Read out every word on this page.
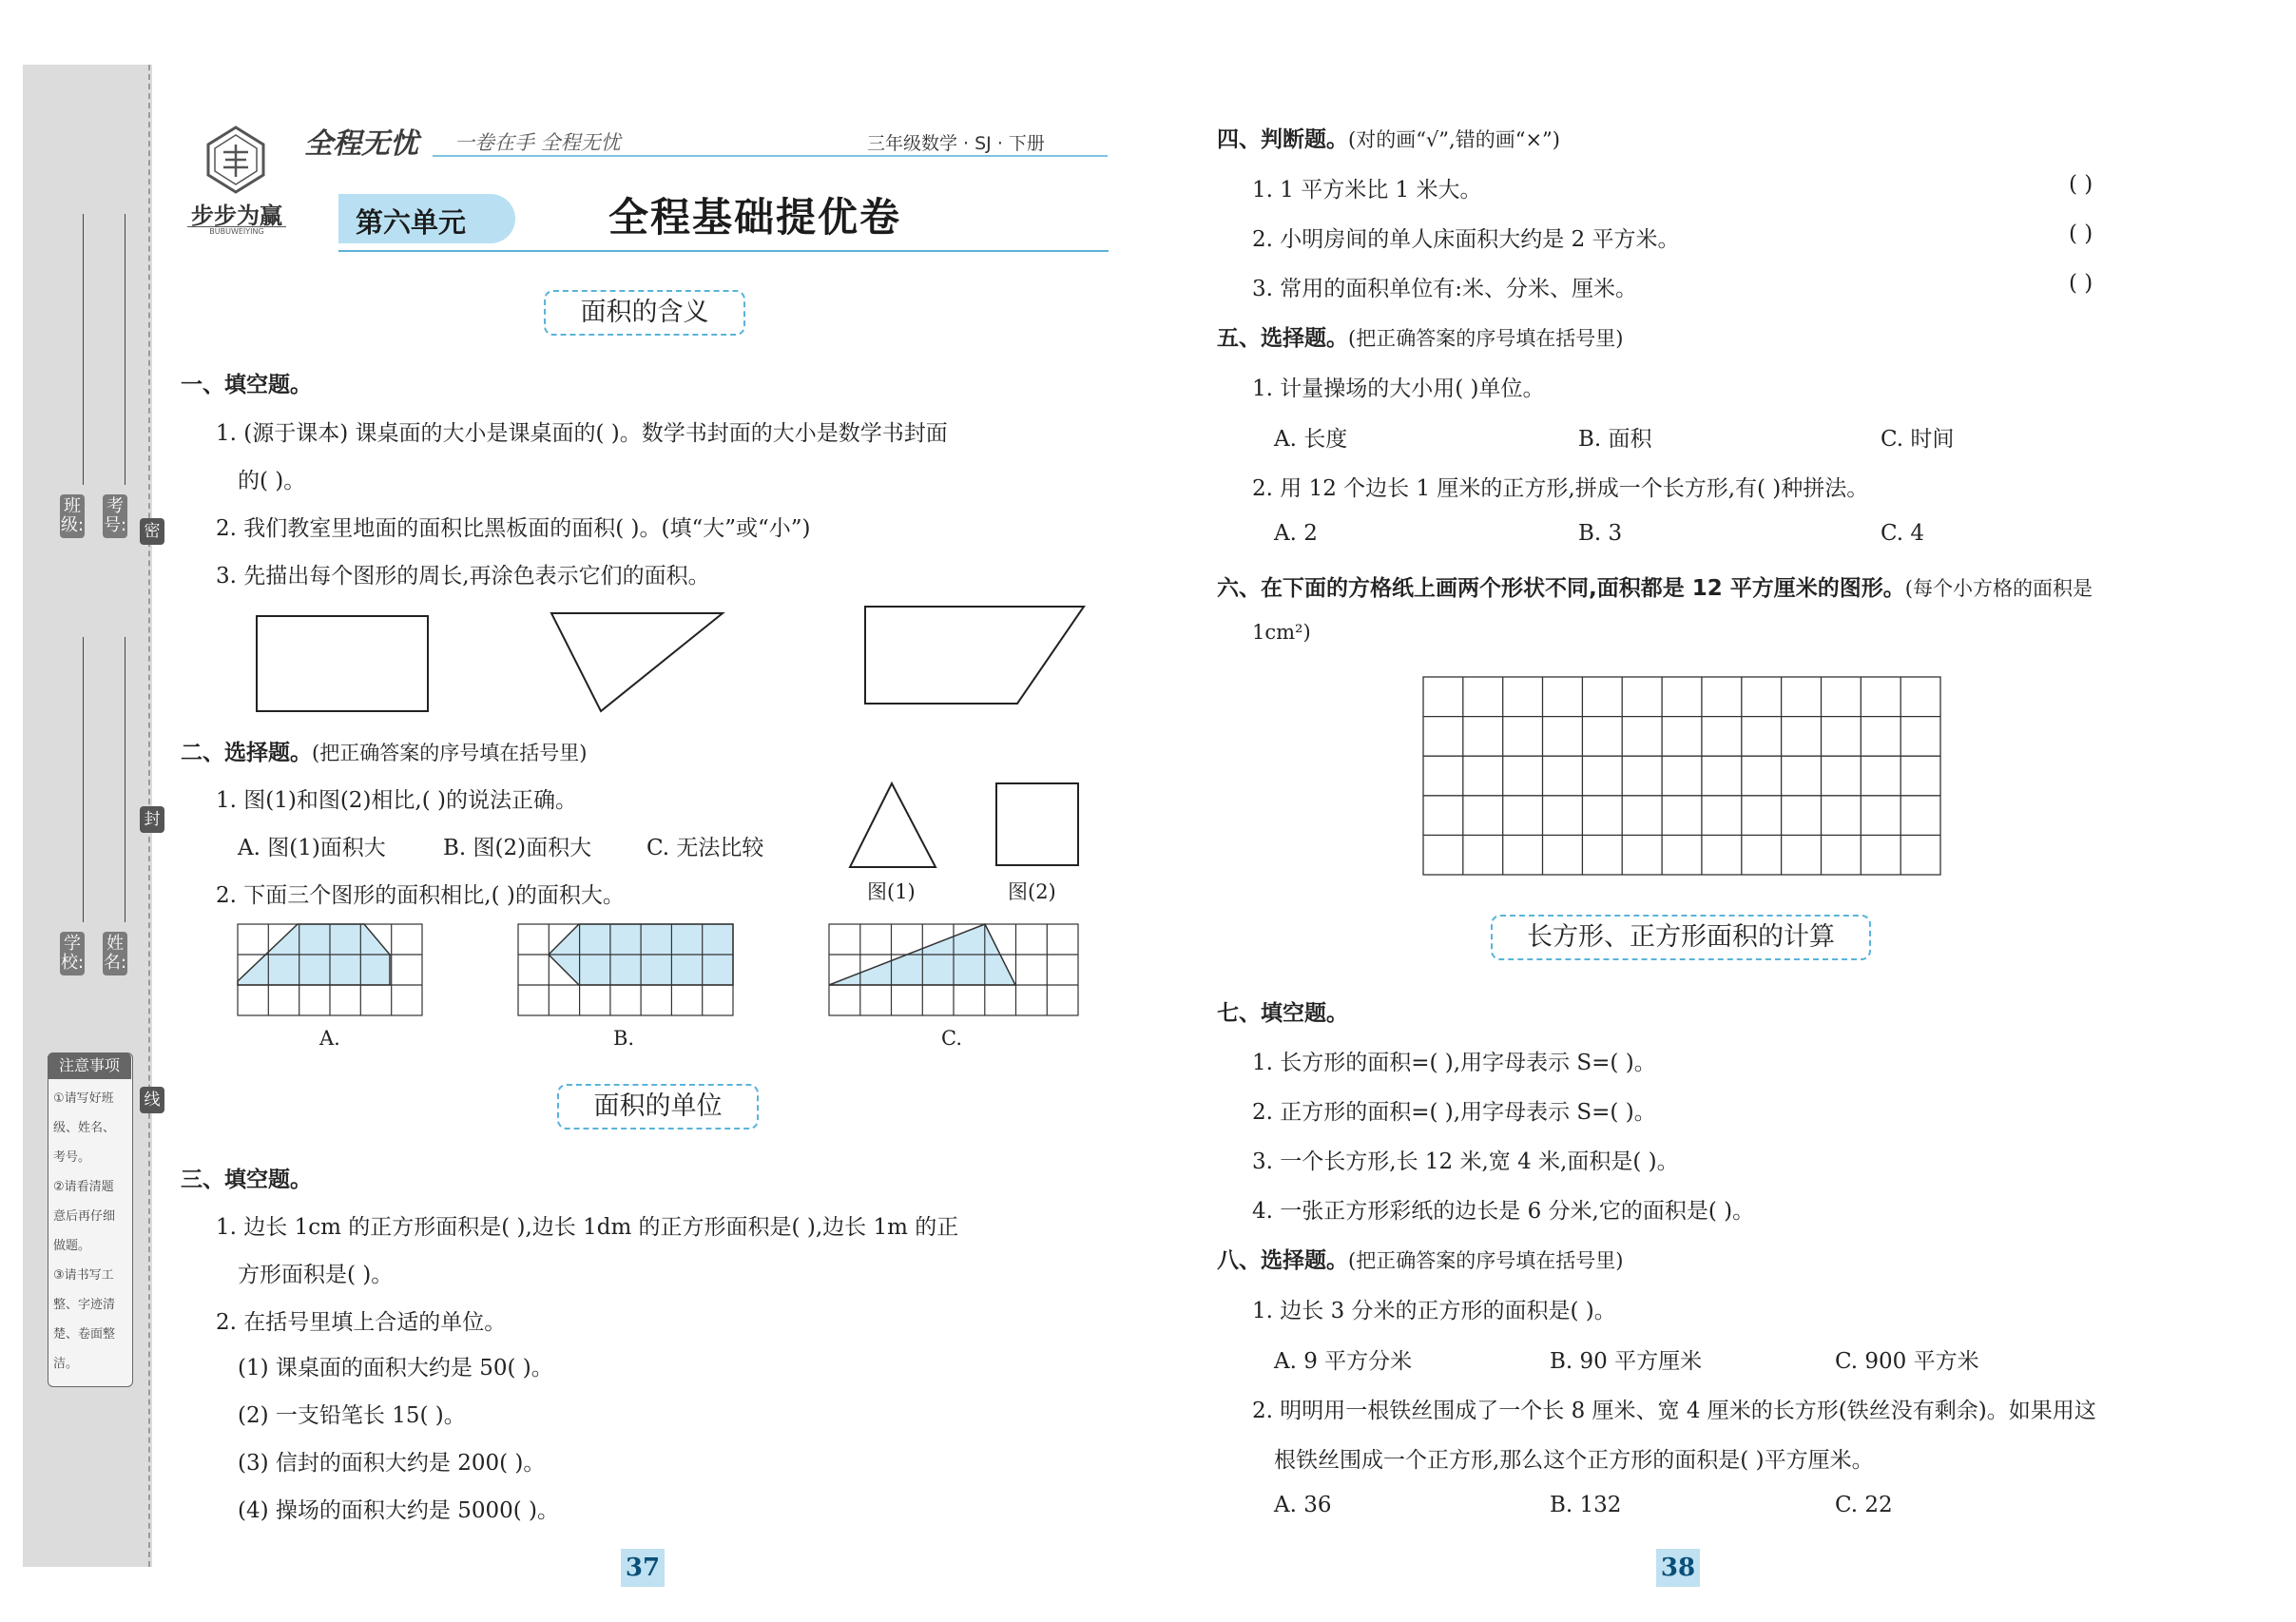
班级:
考号:
学校:
姓名:
密
封
线
注意事项
①请写好班
级、姓名、
考号。
②请看清题
意后再仔细
做题。
③请书写工
整、字迹清
楚、卷面整
洁。
步步为赢
BUBUWEIYING
全程无忧 一卷在手 全程无忧	三年级数学 · SJ · 下册
第六单元	全程基础提优卷
面积的含义
一、填空题。
1. (源于课本) 课桌面的大小是课桌面的( )。数学书封面的大小是数学书封面
的( )。
2. 我们教室里地面的面积比黑板面的面积( )。(填“大”或“小”)
3. 先描出每个图形的周长,再涂色表示它们的面积。
二、选择题。(把正确答案的序号填在括号里)
1. 图(1)和图(2)相比,( )的说法正确。
A. 图(1)面积大	B. 图(2)面积大	C. 无法比较
2. 下面三个图形的面积相比,( )的面积大。	图(1)	图(2)
A.	B.	C.
面积的单位
三、填空题。
1. 边长 1cm 的正方形面积是( ),边长 1dm 的正方形面积是( ),边长 1m 的正
方形面积是( )。
2. 在括号里填上合适的单位。
(1) 课桌面的面积大约是 50( )。
(2) 一支铅笔长 15( )。
(3) 信封的面积大约是 200( )。
(4) 操场的面积大约是 5000( )。
37
四、判断题。(对的画“√”,错的画“×”)
1. 1 平方米比 1 米大。	( )
2. 小明房间的单人床面积大约是 2 平方米。	( )
3. 常用的面积单位有:米、分米、厘米。	( )
五、选择题。(把正确答案的序号填在括号里)
1. 计量操场的大小用( )单位。
A. 长度	B. 面积	C. 时间
2. 用 12 个边长 1 厘米的正方形,拼成一个长方形,有( )种拼法。
A. 2	B. 3	C. 4
六、在下面的方格纸上画两个形状不同,面积都是 12 平方厘米的图形。(每个小方格的面积是
1cm²)
长方形、正方形面积的计算
七、填空题。
1. 长方形的面积=( ),用字母表示 S=( )。
2. 正方形的面积=( ),用字母表示 S=( )。
3. 一个长方形,长 12 米,宽 4 米,面积是( )。
4. 一张正方形彩纸的边长是 6 分米,它的面积是( )。
八、选择题。(把正确答案的序号填在括号里)
1. 边长 3 分米的正方形的面积是( )。
A. 9 平方分米	B. 90 平方厘米	C. 900 平方米
2. 明明用一根铁丝围成了一个长 8 厘米、宽 4 厘米的长方形(铁丝没有剩余)。如果用这
根铁丝围成一个正方形,那么这个正方形的面积是( )平方厘米。
A. 36	B. 132	C. 22
38
